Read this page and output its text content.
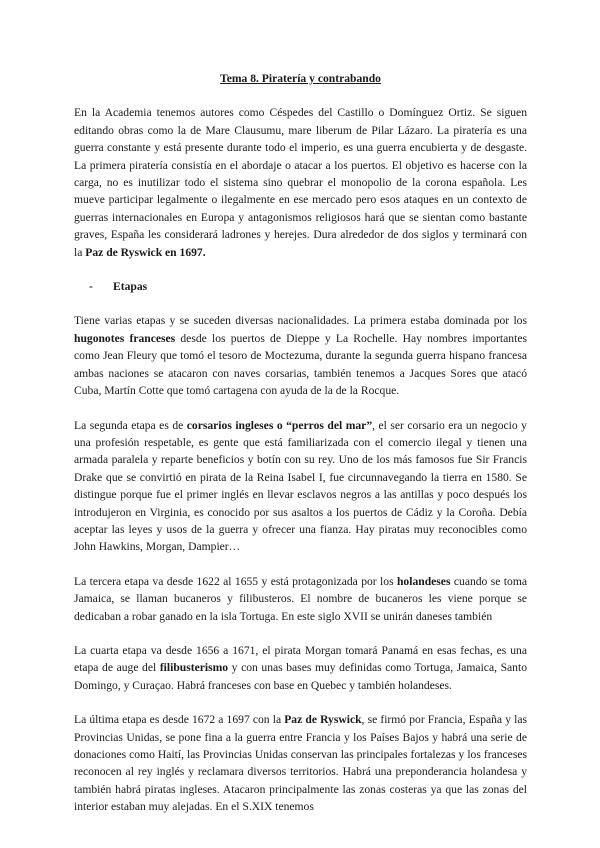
Tema 8. Piratería y contrabando

En la Academia tenemos autores como Céspedes del Castillo o Domínguez Ortiz. Se siguen editando obras como la de Mare Clausumu, mare liberum de Pilar Lázaro. La piratería es una guerra constante y está presente durante todo el imperio, es una guerra encubierta y de desgaste. La primera piratería consistía en el abordaje o atacar a los puertos. El objetivo es hacerse con la carga, no es inutilizar todo el sistema sino quebrar el monopolio de la corona española. Les mueve participar legalmente o ilegalmente en ese mercado pero esos ataques en un contexto de guerras internacionales en Europa y antagonismos religiosos hará que se sientan como bastante graves, España les considerará ladrones y herejes. Dura alrededor de dos siglos y terminará con la Paz de Ryswick en 1697.

-	Etapas

Tiene varias etapas y se suceden diversas nacionalidades. La primera estaba dominada por los hugonotes franceses desde los puertos de Dieppe y La Rochelle. Hay nombres importantes como Jean Fleury que tomó el tesoro de Moctezuma, durante la segunda guerra hispano francesa ambas naciones se atacaron con naves corsarias, también tenemos a Jacques Sores que atacó Cuba, Martín Cotte que tomó cartagena con ayuda de la de la Rocque.

La segunda etapa es de corsarios ingleses o “perros del mar”, el ser corsario era un negocio y una profesión respetable, es gente que está familiarizada con el comercio ilegal y tienen una armada paralela y reparte beneficios y botín con su rey. Uno de los más famosos fue Sir Francis Drake que se convirtió en pirata de la Reina Isabel I, fue circunnavegando la tierra en 1580. Se distingue porque fue el primer inglés en llevar esclavos negros a las antillas y poco después los introdujeron en Virginia, es conocido por sus asaltos a los puertos de Cádiz y la Coroña. Debía aceptar las leyes y usos de la guerra y ofrecer una fianza. Hay piratas muy reconocibles como John Hawkins, Morgan, Dampier…

La tercera etapa va desde 1622 al 1655 y está protagonizada por los holandeses cuando se toma Jamaica, se llaman bucaneros y filibusteros. El nombre de bucaneros les viene porque se dedicaban a robar ganado en la isla Tortuga. En este siglo XVII se unirán daneses también

La cuarta etapa va desde 1656 a 1671, el pirata Morgan tomará Panamá en esas fechas, es una etapa de auge del filibusterismo y con unas bases muy definidas como Tortuga, Jamaica, Santo Domingo, y Curaçao. Habrá franceses con base en Quebec y también holandeses.

La última etapa es desde 1672 a 1697 con la Paz de Ryswick, se firmó por Francia, España y las Provincias Unidas, se pone fina a la guerra entre Francia y los Países Bajos y habrá una serie de donaciones como Haití, las Provincias Unidas conservan las principales fortalezas y los franceses reconocen al rey inglés y reclamara diversos territorios. Habrá una preponderancia holandesa y también habrá piratas ingleses. Atacaron principalmente las zonas costeras ya que las zonas del interior estaban muy alejadas. En el S.XIX tenemos
